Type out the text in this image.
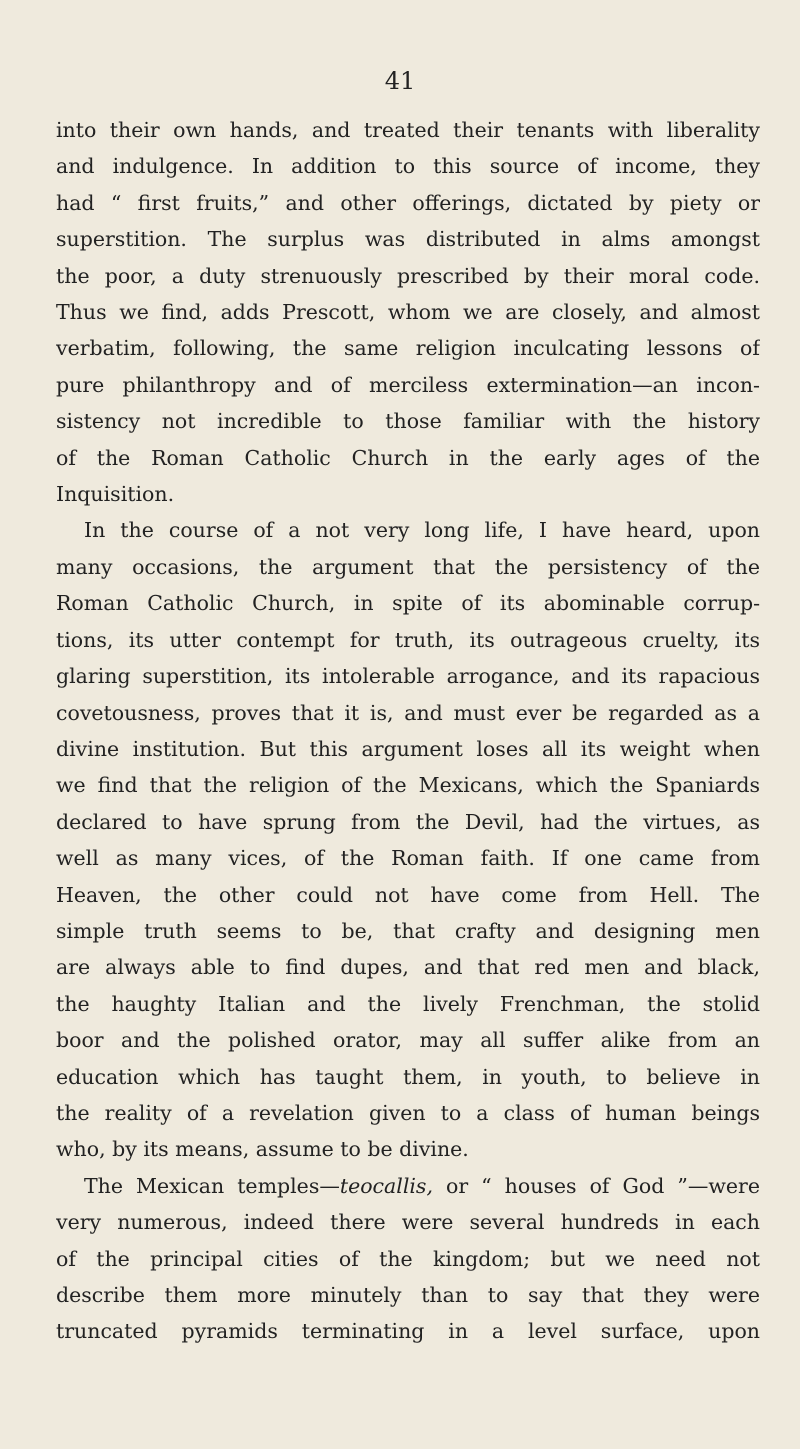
41
into their own hands, and treated their tenants with liberality
and indulgence. In addition to this source of income, they
had “ first fruits,” and other offerings, dictated by piety or
superstition. The surplus was distributed in alms amongst
the poor, a duty strenuously prescribed by their moral code.
Thus we find, adds Prescott, whom we are closely, and almost
verbatim, following, the same religion inculcating lessons of
pure philanthropy and of merciless extermination—an incon-
sistency not incredible to those familiar with the history
of the Roman Catholic Church in the early ages of the
Inquisition.
In the course of a not very long life, I have heard, upon
many occasions, the argument that the persistency of the
Roman Catholic Church, in spite of its abominable corrup-
tions, its utter contempt for truth, its outrageous cruelty, its
glaring superstition, its intolerable arrogance, and its rapacious
covetousness, proves that it is, and must ever be regarded as a
divine institution. But this argument loses all its weight when
we find that the religion of the Mexicans, which the Spaniards
declared to have sprung from the Devil, had the virtues, as
well as many vices, of the Roman faith. If one came from
Heaven, the other could not have come from Hell. The
simple truth seems to be, that crafty and designing men
are always able to find dupes, and that red men and black,
the haughty Italian and the lively Frenchman, the stolid
boor and the polished orator, may all suffer alike from an
education which has taught them, in youth, to believe in
the reality of a revelation given to a class of human beings
who, by its means, assume to be divine.
The Mexican temples—teocallis, or “ houses of God ”—were
very numerous, indeed there were several hundreds in each
of the principal cities of the kingdom; but we need not
describe them more minutely than to say that they were
truncated pyramids terminating in a level surface, upon
